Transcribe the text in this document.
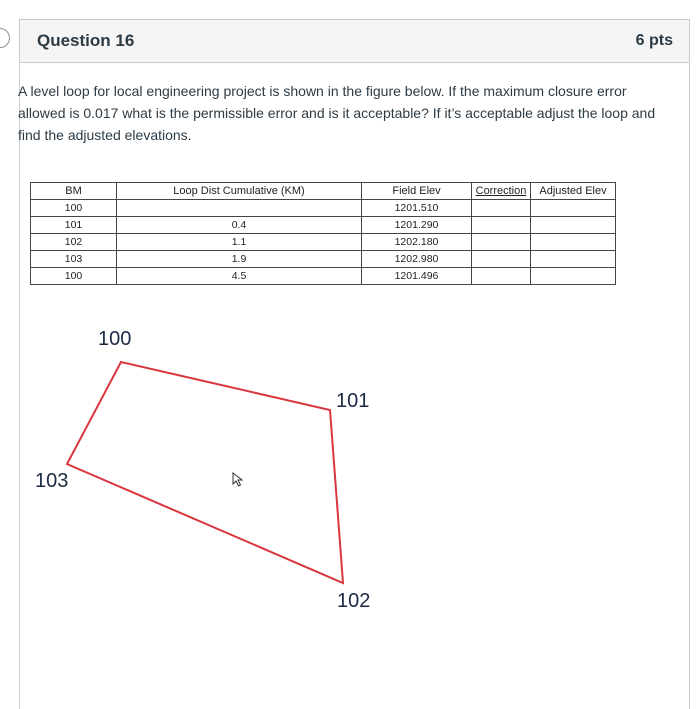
Question 16	6 pts
A level loop for local engineering project is shown in the figure below. If the maximum closure error allowed is 0.017 what is the permissible error and is it acceptable? If it’s acceptable adjust the loop and find the adjusted elevations.
BM	Loop Dist Cumulative (KM)	Field Elev	Correction	Adjusted Elev
100		1201.510		
101	0.4	1201.290		
102	1.1	1202.180		
103	1.9	1202.980		
100	4.5	1201.496		
100
101
102
103
